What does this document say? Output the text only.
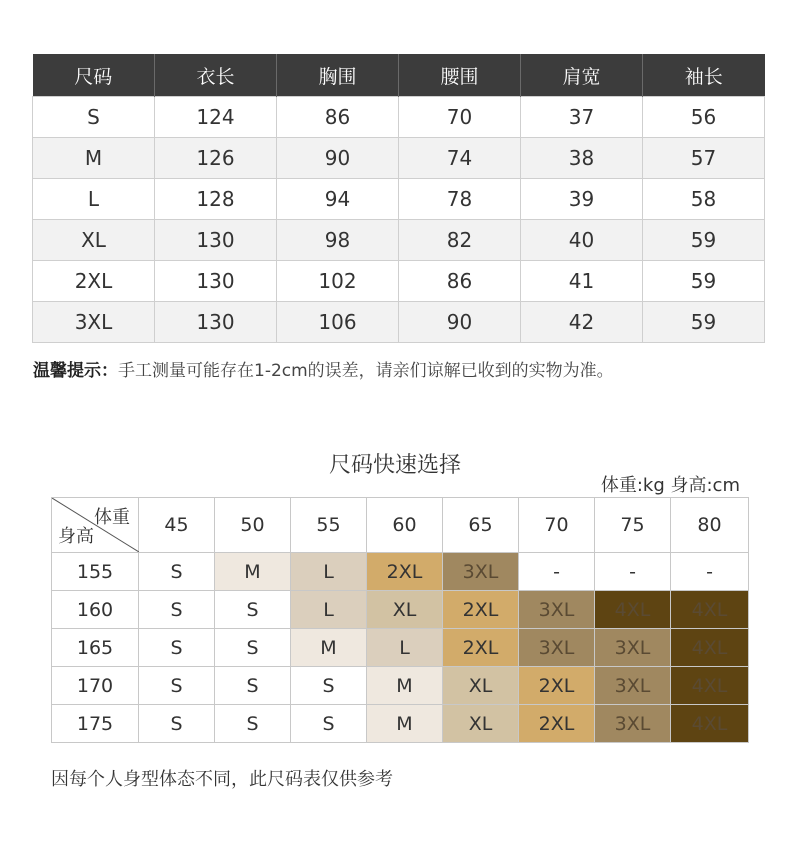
尺码	衣长	胸围	腰围	肩宽	袖长
S	124	86	70	37	56
M	126	90	74	38	57
L	128	94	78	39	58
XL	130	98	82	40	59
2XL	130	102	86	41	59
3XL	130	106	90	42	59
温馨提示：手工测量可能存在1-2cm的误差，请亲们谅解已收到的实物为准。
尺码快速选择
体重:kg 身高:cm
体重
身高	45	50	55	60	65	70	75	80
155	S	M	L	2XL	3XL	-	-	-
160	S	S	L	XL	2XL	3XL	4XL	4XL
165	S	S	M	L	2XL	3XL	3XL	4XL
170	S	S	S	M	XL	2XL	3XL	4XL
175	S	S	S	M	XL	2XL	3XL	4XL
因每个人身型体态不同，此尺码表仅供参考
